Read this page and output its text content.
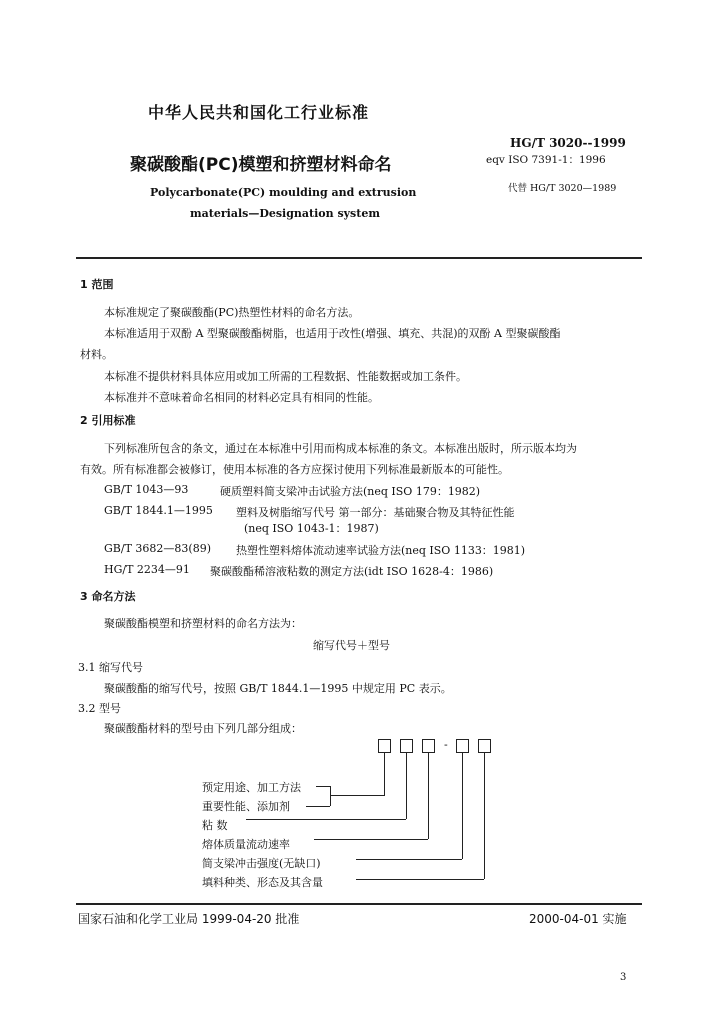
中华人民共和国化工行业标准
聚碳酸酯(PC)模塑和挤塑材料命名
Polycarbonate(PC) moulding and extrusion
materials—Designation system
HG/T 3020--1999
eqv ISO 7391-1：1996
代替 HG/T 3020—1989
1 范围
本标准规定了聚碳酸酯(PC)热塑性材料的命名方法。
本标准适用于双酚 A 型聚碳酸酯树脂，也适用于改性(增强、填充、共混)的双酚 A 型聚碳酸酯
材料。
本标准不提供材料具体应用或加工所需的工程数据、性能数据或加工条件。
本标准并不意味着命名相同的材料必定具有相同的性能。
2 引用标准
下列标准所包含的条文，通过在本标准中引用而构成本标准的条文。本标准出版时，所示版本均为
有效。所有标准都会被修订，使用本标准的各方应探讨使用下列标准最新版本的可能性。
GB/T 1043—93	硬质塑料简支梁冲击试验方法(neq ISO 179：1982)
GB/T 1844.1—1995 塑料及树脂缩写代号 第一部分：基础聚合物及其特征性能
(neq ISO 1043-1：1987)
GB/T 3682—83(89) 热塑性塑料熔体流动速率试验方法(neq ISO 1133：1981)
HG/T 2234—91 聚碳酸酯稀溶液粘数的测定方法(idt ISO 1628-4：1986)
3 命名方法
聚碳酸酯模塑和挤塑材料的命名方法为：
缩写代号＋型号
3.1 缩写代号
聚碳酸酯的缩写代号，按照 GB/T 1844.1—1995 中规定用 PC 表示。
3.2 型号
聚碳酸酯材料的型号由下列几部分组成：
-
预定用途、加工方法
重要性能、添加剂
粘 数
熔体质量流动速率
简支梁冲击强度(无缺口)
填料种类、形态及其含量
国家石油和化学工业局 1999-04-20 批准	2000-04-01 实施
3
